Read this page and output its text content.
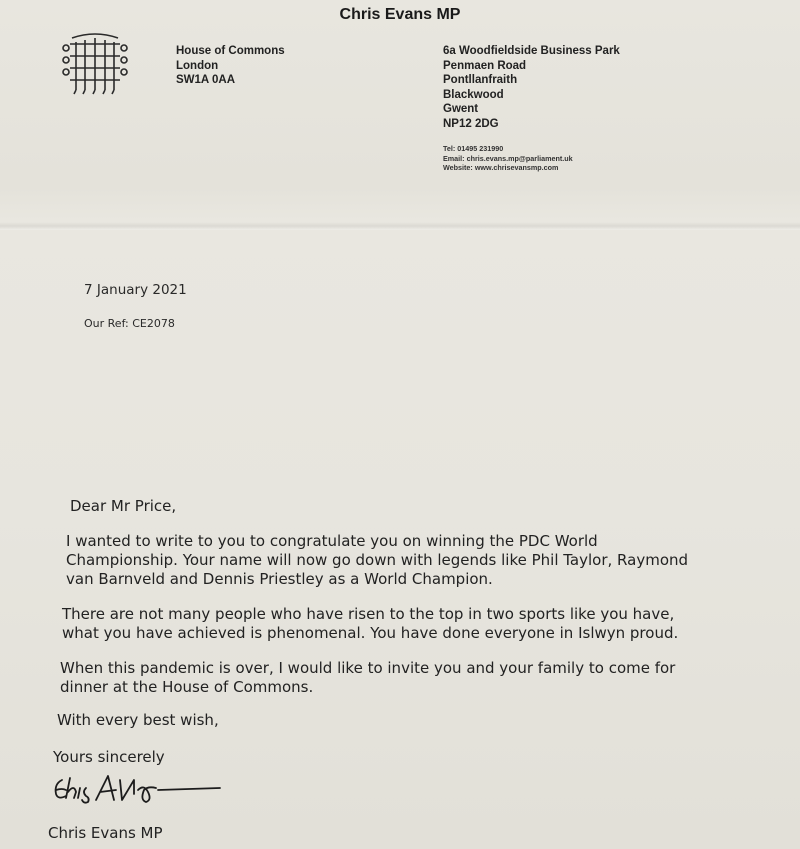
Chris Evans MP
House of Commons
London
SW1A 0AA
6a Woodfieldside Business Park
Penmaen Road
Pontllanfraith
Blackwood
Gwent
NP12 2DG
Tel: 01495 231990
Email: chris.evans.mp@parliament.uk
Website: www.chrisevansmp.com
7 January 2021
Our Ref: CE2078
Dear Mr Price,
I wanted to write to you to congratulate you on winning the PDC World
Championship. Your name will now go down with legends like Phil Taylor, Raymond
van Barnveld and Dennis Priestley as a World Champion.
There are not many people who have risen to the top in two sports like you have,
what you have achieved is phenomenal. You have done everyone in Islwyn proud.
When this pandemic is over, I would like to invite you and your family to come for
dinner at the House of Commons.
With every best wish,
Yours sincerely
Chris Evans MP
